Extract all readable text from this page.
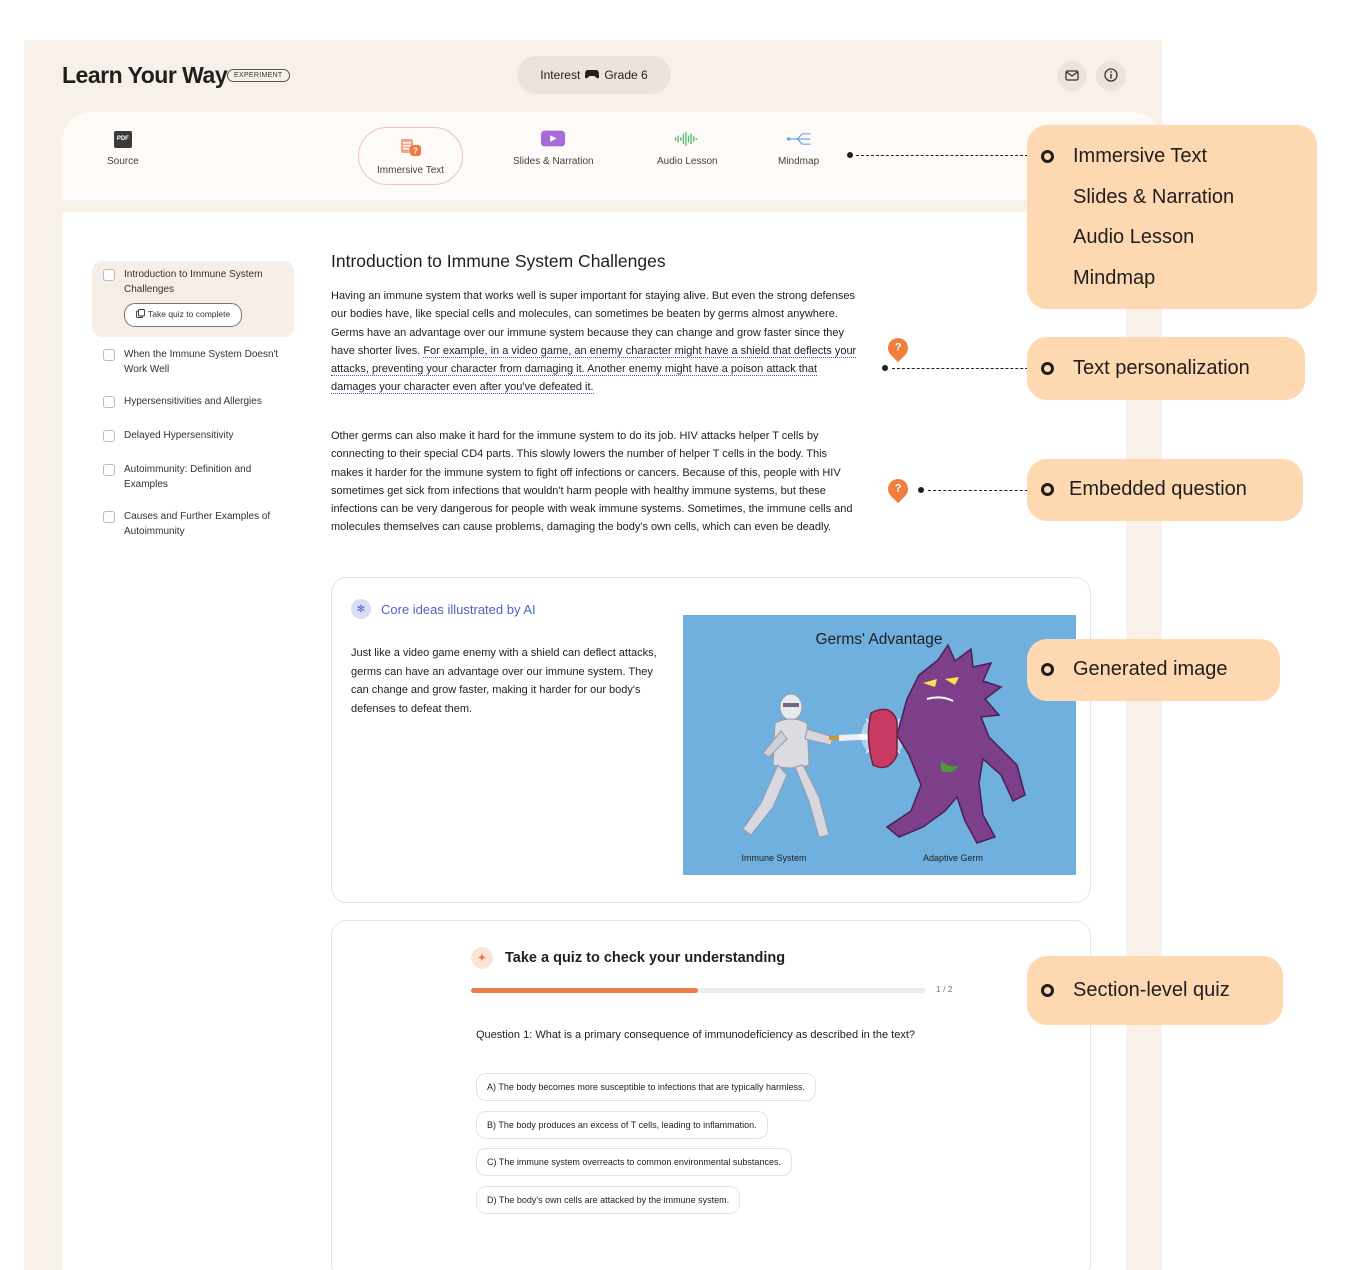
Learn Your Way EXPERIMENT	Interest Grade 6
PDF
Source
?
Immersive Text
Slides & Narration	Audio Lesson	Mindmap
Introduction to Immune System Challenges
Take quiz to complete
When the Immune System Doesn't Work Well
Hypersensitivities and Allergies
Delayed Hypersensitivity
Autoimmunity: Definition and Examples
Causes and Further Examples of Autoimmunity
Introduction to Immune System Challenges
Having an immune system that works well is super important for staying alive. But even the strong defenses our bodies have, like special cells and molecules, can sometimes be beaten by germs almost anywhere. Germs have an advantage over our immune system because they can change and grow faster since they have shorter lives. For example, in a video game, an enemy character might have a shield that deflects your attacks, preventing your character from damaging it. Another enemy might have a poison attack that damages your character even after you've defeated it.
Other germs can also make it hard for the immune system to do its job. HIV attacks helper T cells by connecting to their special CD4 parts. This slowly lowers the number of helper T cells in the body. This makes it harder for the immune system to fight off infections or cancers. Because of this, people with HIV sometimes get sick from infections that wouldn't harm people with healthy immune systems, but these infections can be very dangerous for people with weak immune systems. Sometimes, the immune cells and molecules themselves can cause problems, damaging the body's own cells, which can even be deadly.
✻	Core ideas illustrated by AI
Just like a video game enemy with a shield can deflect attacks, germs can have an advantage over our immune system. They can change and grow faster, making it harder for our body's defenses to defeat them.
Germs' Advantage
Immune System	Adaptive Germ
✦	Take a quiz to check your understanding
1 / 2
Question 1: What is a primary consequence of immunodeficiency as described in the text?
A) The body becomes more susceptible to infections that are typically harmless.
B) The body produces an excess of T cells, leading to inflammation.
C) The immune system overreacts to common environmental substances.
D) The body's own cells are attacked by the immune system.
?
?
Immersive Text
Slides & Narration
Audio Lesson
Mindmap
Text personalization
Embedded question
Generated image
Section-level quiz
